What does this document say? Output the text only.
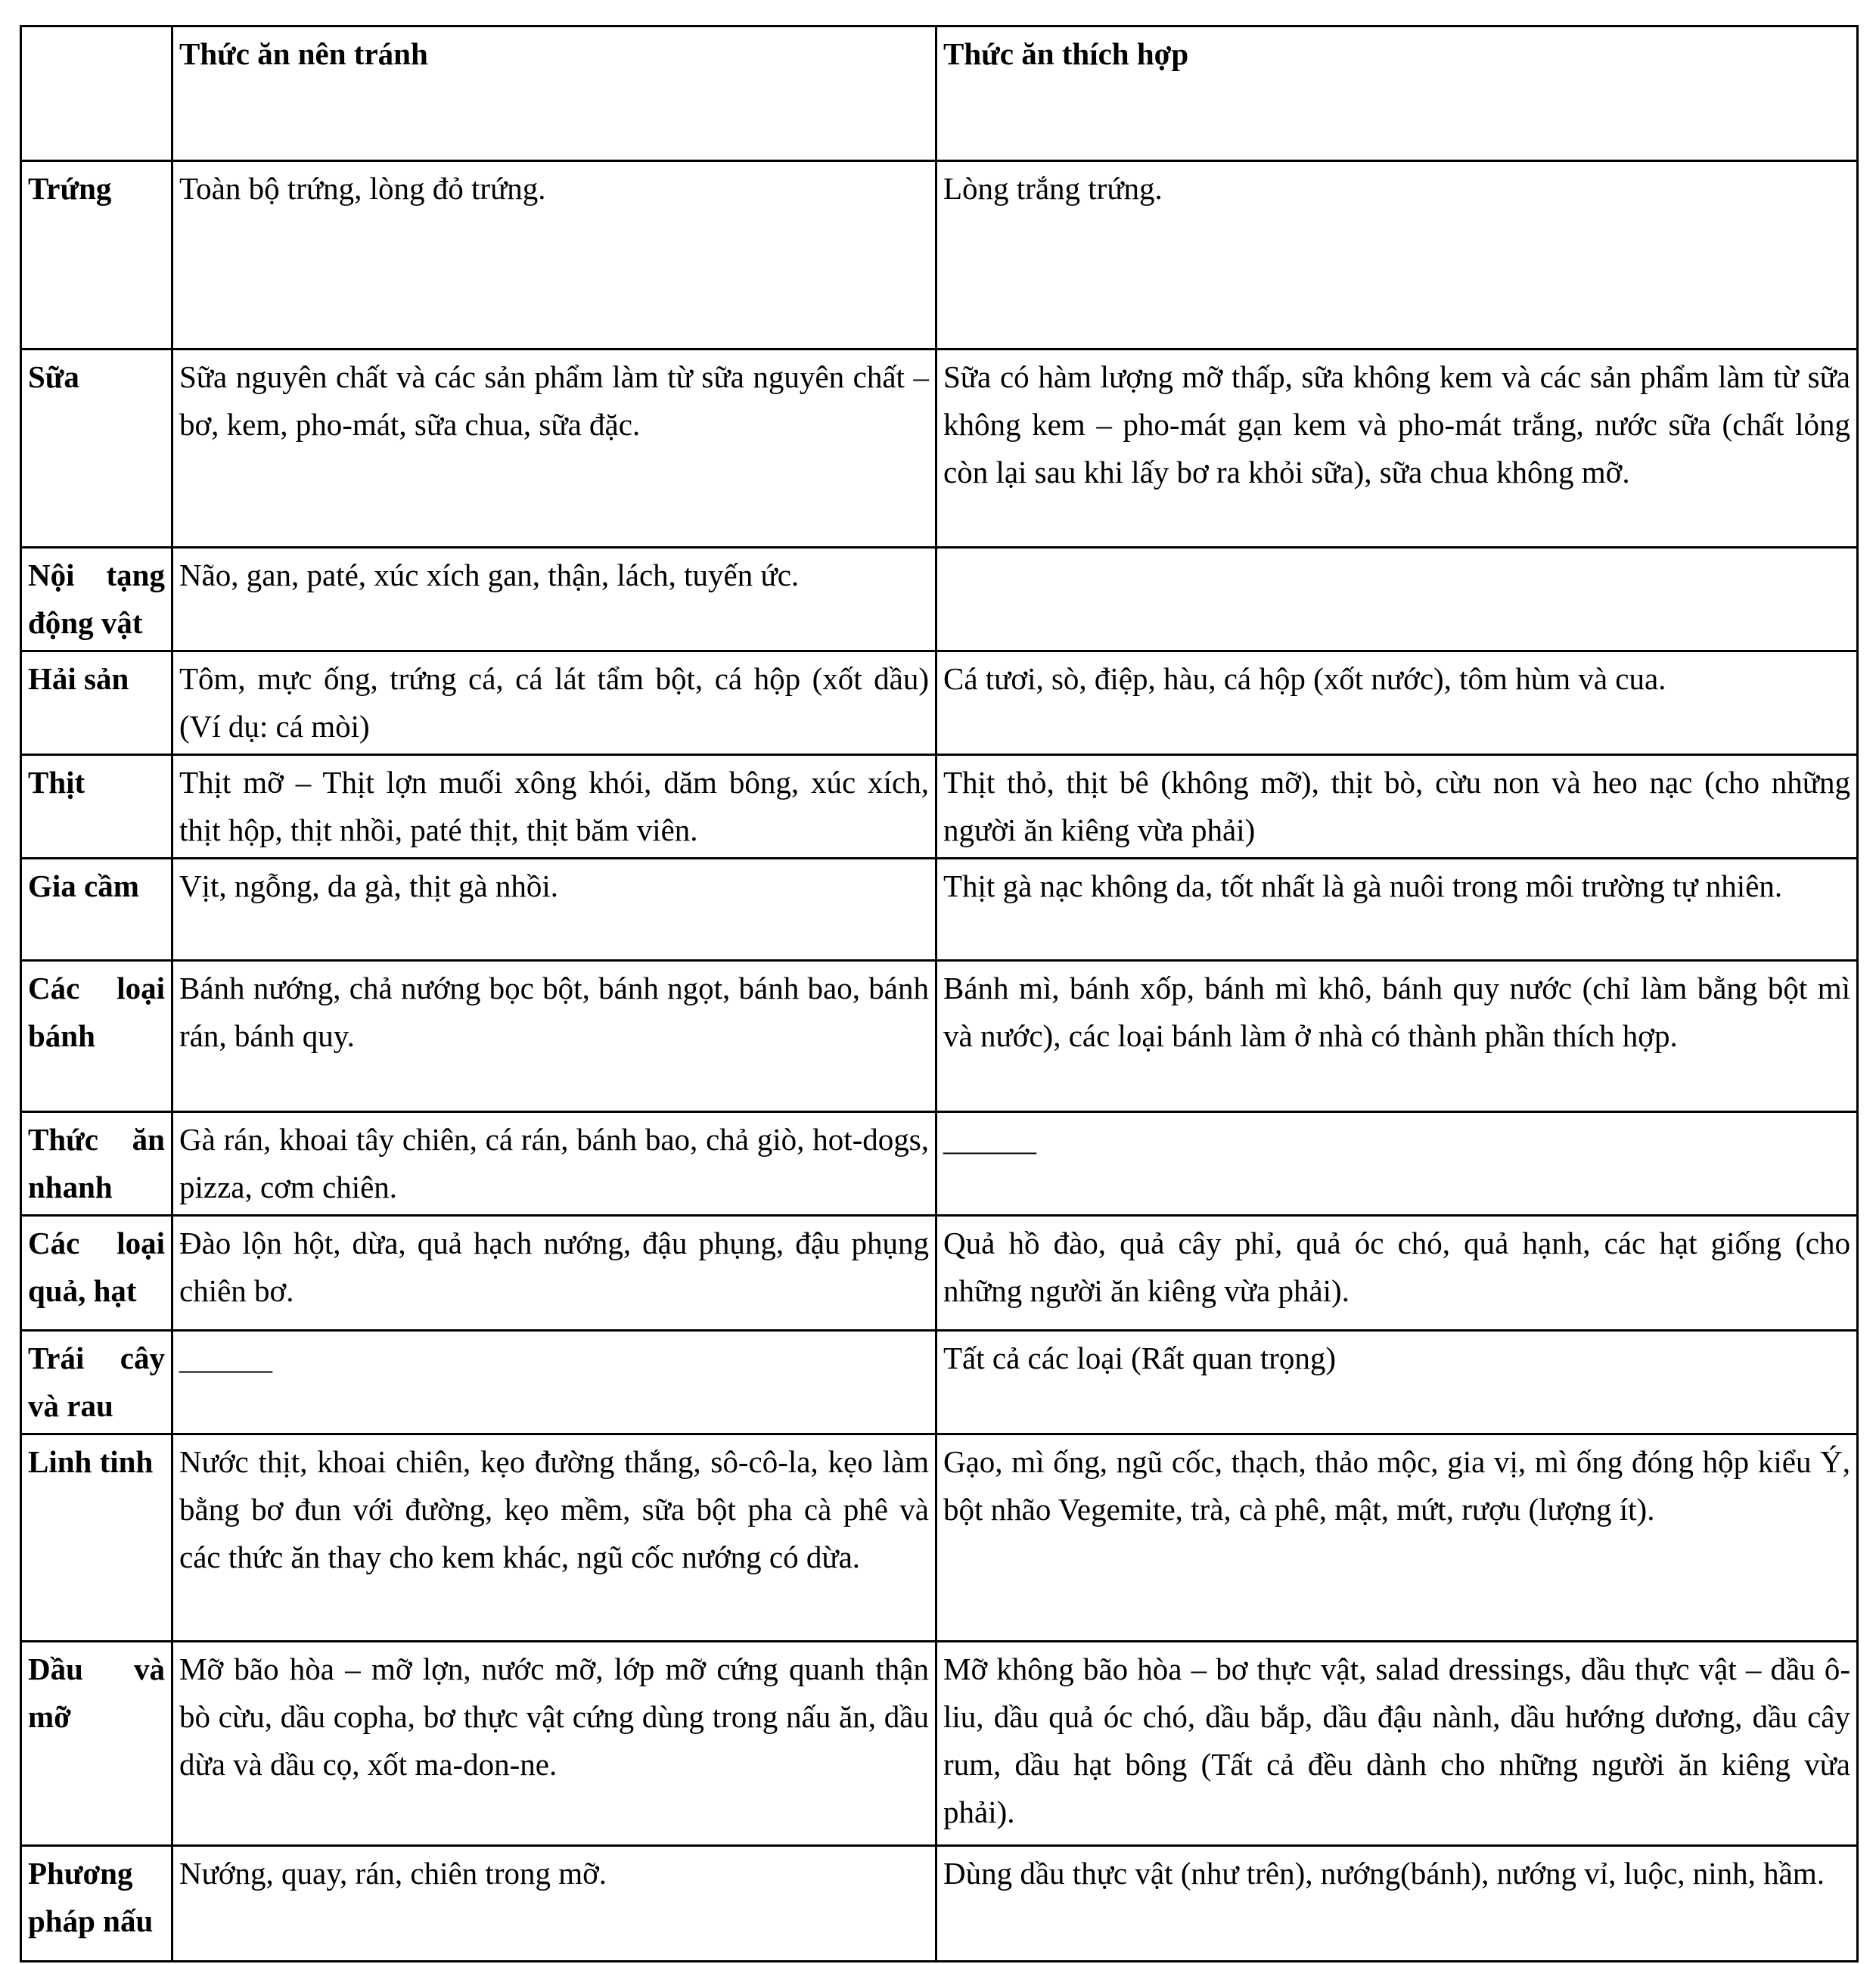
	Thức ăn nên tránh	Thức ăn thích hợp
Trứng	Toàn bộ trứng, lòng đỏ trứng.	Lòng trắng trứng.
Sữa	Sữa nguyên chất và các sản phẩm làm từ sữa nguyên chất – bơ, kem, pho-mát, sữa chua, sữa đặc.	Sữa có hàm lượng mỡ thấp, sữa không kem và các sản phẩm làm từ sữa không kem – pho-mát gạn kem và pho-mát trắng, nước sữa (chất lỏng còn lại sau khi lấy bơ ra khỏi sữa), sữa chua không mỡ.
Nội tạng động vật	Não, gan, paté, xúc xích gan, thận, lách, tuyến ức.	
Hải sản	Tôm, mực ống, trứng cá, cá lát tẩm bột, cá hộp (xốt dầu) (Ví dụ: cá mòi)	Cá tươi, sò, điệp, hàu, cá hộp (xốt nước), tôm hùm và cua.
Thịt	Thịt mỡ – Thịt lợn muối xông khói, dăm bông, xúc xích, thịt hộp, thịt nhồi, paté thịt, thịt băm viên.	Thịt thỏ, thịt bê (không mỡ), thịt bò, cừu non và heo nạc (cho những người ăn kiêng vừa phải)
Gia cầm	Vịt, ngỗng, da gà, thịt gà nhồi.	Thịt gà nạc không da, tốt nhất là gà nuôi trong môi trường tự nhiên.
Các loại bánh	Bánh nướng, chả nướng bọc bột, bánh ngọt, bánh bao, bánh rán, bánh quy.	Bánh mì, bánh xốp, bánh mì khô, bánh quy nước (chỉ làm bằng bột mì và nước), các loại bánh làm ở nhà có thành phần thích hợp.
Thức ăn nhanh	Gà rán, khoai tây chiên, cá rán, bánh bao, chả giò, hot-dogs, pizza, cơm chiên.	______
Các loại quả, hạt	Đào lộn hột, dừa, quả hạch nướng, đậu phụng, đậu phụng chiên bơ.	Quả hồ đào, quả cây phỉ, quả óc chó, quả hạnh, các hạt giống (cho những người ăn kiêng vừa phải).
Trái cây và rau	______	Tất cả các loại (Rất quan trọng)
Linh tinh	Nước thịt, khoai chiên, kẹo đường thắng, sô-cô-la, kẹo làm bằng bơ đun với đường, kẹo mềm, sữa bột pha cà phê và các thức ăn thay cho kem khác, ngũ cốc nướng có dừa.	Gạo, mì ống, ngũ cốc, thạch, thảo mộc, gia vị, mì ống đóng hộp kiểu Ý, bột nhão Vegemite, trà, cà phê, mật, mứt, rượu (lượng ít).
Dầu và mỡ	Mỡ bão hòa – mỡ lợn, nước mỡ, lớp mỡ cứng quanh thận bò cừu, dầu copha, bơ thực vật cứng dùng trong nấu ăn, dầu dừa và dầu cọ, xốt ma-don-ne.	Mỡ không bão hòa – bơ thực vật, salad dressings, dầu thực vật – dầu ô-liu, dầu quả óc chó, dầu bắp, dầu đậu nành, dầu hướng dương, dầu cây rum, dầu hạt bông (Tất cả đều dành cho những người ăn kiêng vừa phải).
Phương pháp nấu	Nướng, quay, rán, chiên trong mỡ.	Dùng dầu thực vật (như trên), nướng(bánh), nướng vỉ, luộc, ninh, hầm.
